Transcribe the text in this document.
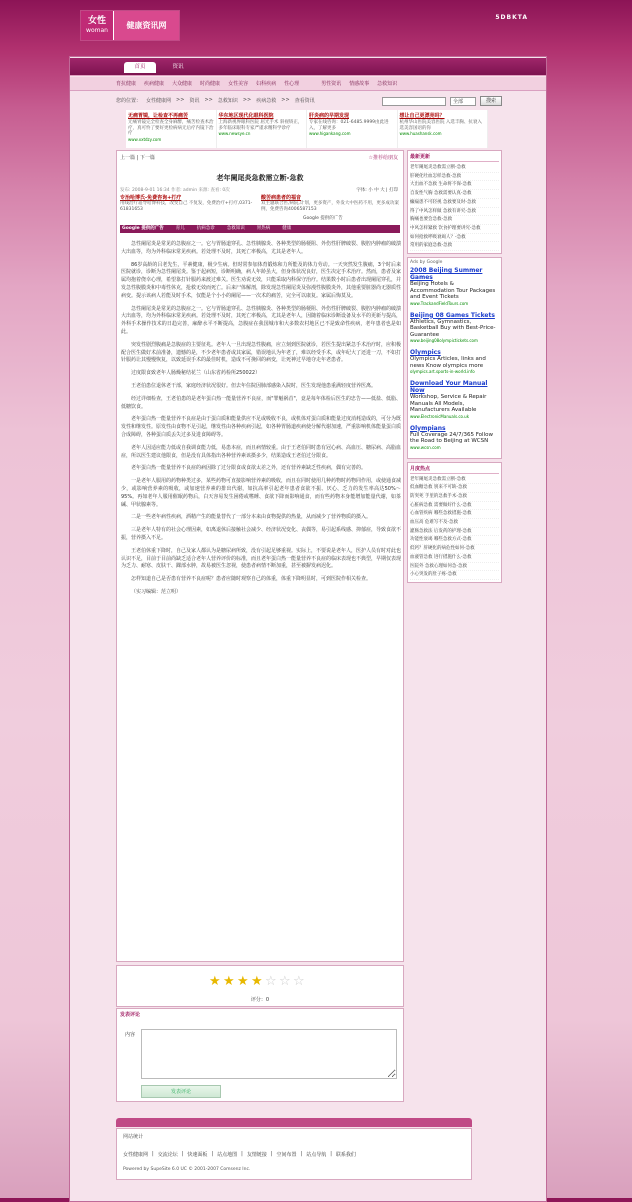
女性
woman	健康资讯网
5DBKTA
首页	资讯
育抗健康 疾病健康 大众健康 时尚健康 女性美容 妇科疾病 性心理	男性资讯 情感故事 急救知识
您的位置： 女性健康网 >> 资讯 >> 急救知识 >> 疾病急救 >> 查看资讯	全部	搜索
无痛胃镜，让检查不再痛苦

无痛胃镜完全检查全身麻醉，痛苦检查术治疗，真可怜了要好更检病病无后疗内镜下治疗

www.xxtdzy.com
华东地区现代化眼科医院

上海新视界眼科医院 屈光手术 斜视矫正，多年临床眼科专家严谨求精科学诊疗

www.newsye.cn
肝炎病的早期发现

专家在线咨询：021-6485.9999由此进入，了解更多

www.higankang.com
想让自己更漂亮吗？

杭州华山医院美容医院 入选丰胸、抗衰入选美容国语的你

www.huashansk.com
上一篇 | 下一篇	☆推荐给朋友
老年阑尾炎急救需立断-急救
发布: 2008-9-01 16:34 作者: admin 来源: 查看: 0次	字体: 小 中 大 | 打印
专治哈博氏-免费咨询+打疗

用线治疗超导哈博科技，改变自己 不复发，免费治疗+打疗,0371-61831653

酸苦病患者的福音

双主题联合医,病院,计划，更多资产，外发大中医药不用，更多成功案例，免费咨询4006587153

Google 提供的广告
Google 提供的广告	育儿	抗病急诊	急救知识	胃热病	健康

急性阑尾炎是常见的急腹症之一。它与胃肠道穿孔、急性胰腺炎、各种类型的肠梗阻、外伤性肝脾破裂、腹腔内肿瘤的破溃大出血等，均为外科临床常见疾病。若处理不及时，其死亡率极高，尤其是老年人。

86岁高龄的吕老先生，平素健康，极少生病。但时常参加体育锻炼和力所能及的体力劳动。一天突然发生腹痛，3个时后来医院就诊，诊断为急性阑尾炎。鉴于起病短，诊断明确，病人年龄虽大，但身体状况良好，医生决定手术治疗。然而，患者及家属均抱着侥幸心理，希望靠打针服药来渡过难关。医生劝说无效，只能采取内科保守治疗。结果数小时后患者出现阑尾穿孔，并发急性腹膜炎和中毒性休克，抢救无效而死亡。后来尸体解剖，除发现急性阑尾炎及弥漫性腹膜炎外，其他重要脏器尚无器质性病变。提示该病人若能及时手术，仅能是个小小的阑尾——一次术的痛苦，完全可以康复。家属后悔莫及。

急性阑尾炎是常见的急腹症之一。它与胃肠道穿孔、急性胰腺炎、各种类型的肠梗阻、外伤性肝脾破裂、腹腔内肿瘤的破溃大出血等，均为外科临床常见疾病。若处理不及时，其死亡率极高，尤其是老年人，因随着临床诊断设备及水平的更新与提高，外科手术操作技术的日趋完善，麻醉水平不断提高，急腹症在我国城市和大多数农村地区已不是致命性疾病，老年患者也是如此。

突发性剧烈腹痛是急腹症的主要征兆。老年人一旦出现急性腹痛，应立刻到医院就诊，若医生提出紧急手术治疗时，应积极配合医生做好术前准备，遗憾的是，不少老年患者或其家属，错误地认为年老了，难以经受手术，或年纪大了还进一刀，不如打针服药让其慢慢恢复，以致延误手术的最佳时机，造成不可挽回的病变，让死神过早地夺走年老患者。

过度限食致老年人肠燥秘结花兰（山东省药检所250022）

王老伯患位退休老干部，家庭经济状况很好。但去年住院因肺部感染入院时，医生发现他患重满轻度营养医离。

经过详细检查，王老伯患的是老年蛋白热一能量营养不良症，而"罪魁祸首"，竟是每年体检后医生的忠告——低盐、低脂、低糖饮食。

老年蛋白热一能量营养不良症是由于蛋白质和能量供应不足或吸收不良，或机体对蛋白质和能量过度消耗造成的，可分为既发性和继发性。原发性由食物不足引起，继发性由各种疾病引起，如各种胃肠道疾病使分解代谢加速，严重影响机体能量蛋白质合成障碍，各种蛋白质丢失过多及进食障碍等。

老年人因适应能力低或自我调食能力低，易患本症，而且病情较重。由于王老伯同时患有冠心病、高血压、糖尿病、高脂血症，所以医生建议他限食，但是没有具体指出各种营养素该摄多少，结果造成王老伯过分限食。

老年蛋白热一能量营养不良症的病因除了过分限食或食欲太差之外，还有营养素缺乏性疾病，偶有完善的。

一是老年人服用的药物种类过多，某些药物可直接影响营养素的吸收，而且在同时使用几种药物时药物同作用，或使通食减少，或影响营养素的吸收，或加速营养素的排出代谢，如抗高率引起老年患者食欲不振、厌心、乏力的发生率高达50%～95%。再如老年人服用催眠药物后，白天容易发生困倦或嗜睡、食欲下降而影响通食，而有些药物本身能增加能量代谢，如茶碱、甲状腺素等。

二是一些老年病性疾病，酒精产生的能量替代了一部分本来由食物提供的热量，从而减少了营养物质的摄入。

三是老年人特有的社会心理因素，如离退休后接触社会减少、经济状况变化、丧偶等，易引起系线感、抑郁症，导致食欲不振，营养摄入不足。

王老伯休重下降时，自己及家人都认为是糖尿病所致，没有引起足够重视。实际上，不要说是老年人，医护人员有时对此也认识不足，目前于目前尚缺乏适合老年人营养评价的标准，而且老年蛋白热一能量营养不良症的临床表现也不典型，早期仅表现为乏力、耐寒、皮肤干、踝部水肿，故易被医生忽视，使患者病情不断加重，甚至被摒发病迟化。

怎样知道自己是否患有营养不良症呢？患者应随时观察自己的体重，体重下降明显时，可到医院作相关检查。

（实习编辑：范立明）

★ ★ ★ ★ ☆ ☆ ☆
评分：0
发表评论
内容
发表评论
最新更新
老年阑尾炎急救需立断-急救
肝硬化吐血怎样急救-急救
大出血不急救 生命将不保-急救
自发性气胸 急救需要认真-急救
癫痫患不可轻视 急救要及时-急救
得了中风怎样做 急救有讲究-急救
胸痛也要会急救-急救
中风怎样紧救 饮食护理要讲究-急救
如何抢救呼吸衰竭人？-急救
常用的家庭急救-急救
Ads by Google
2008 Beijing Summer Games

Beijing Hotels & Accommodation Tour Packages and Event Tickets

www.TrackandFieldTours.com
Beijing 08 Games Tickets

Athletics, Gymnastics, Basketball Buy with Best-Price-Guarantee

www.beijing08olympictickets.com
Olympics

Olympics Articles, links and news Know olympics more

olympics.art.sports-in-world.info
Download Your Manual Now

Workshop, Service & Repair Manuals All Models, Manufacturers Available

www.ElectronicManuals.co.uk
Olympians

Full Coverage 24/7/365 Follow the Road to Beijing at WCSN

www.wcsn.com
月度热点
老年阑尾炎急救需立断-急救
低血糖急救 别来不可缺-急救
防突死 手里的急救手术-急救
心脏病急救 需要做好什么-急救
心血管疾病 哪些急救措施-急救
血压高 危难写不及-急救
灌肠急救法 后发药的护理-急救
功能性衰竭 哪些急救方式-急救
低钙？肝硬化的病危性如何-急救
血液管急救 进行措施什么-急救
医院外 急救心理如何急-急救
小心突发的肚子疼-急救
网站统计
女性健康网 | 交流论坛 | 快速面板 | 站点地图 | 友情链接 | 空间布置 | 站点导航 | 联系我们
Powered by SupeSite 6.0 UC © 2001-2007 Comsenz Inc.
